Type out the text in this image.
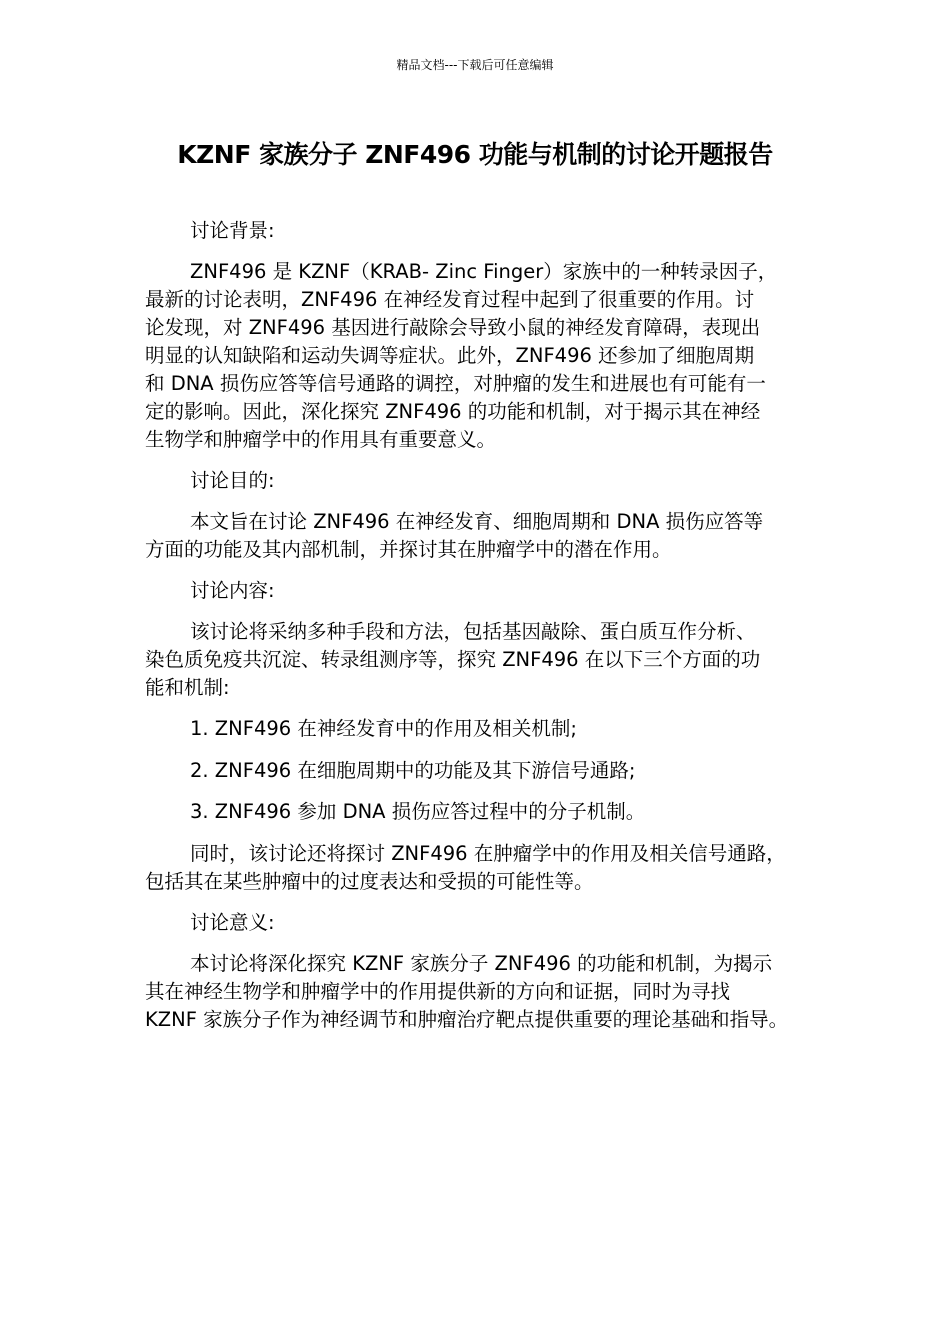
精品文档---下载后可任意编辑
KZNF 家族分子 ZNF496 功能与机制的讨论开题报告

讨论背景:

ZNF496 是 KZNF（KRAB- Zinc Finger）家族中的一种转录因子，
最新的讨论表明，ZNF496 在神经发育过程中起到了很重要的作用。讨
论发现，对 ZNF496 基因进行敲除会导致小鼠的神经发育障碍，表现出
明显的认知缺陷和运动失调等症状。此外，ZNF496 还参加了细胞周期
和 DNA 损伤应答等信号通路的调控，对肿瘤的发生和进展也有可能有一
定的影响。因此，深化探究 ZNF496 的功能和机制，对于揭示其在神经
生物学和肿瘤学中的作用具有重要意义。

讨论目的:

本文旨在讨论 ZNF496 在神经发育、细胞周期和 DNA 损伤应答等
方面的功能及其内部机制，并探讨其在肿瘤学中的潜在作用。

讨论内容:

该讨论将采纳多种手段和方法，包括基因敲除、蛋白质互作分析、
染色质免疫共沉淀、转录组测序等，探究 ZNF496 在以下三个方面的功
能和机制:

1. ZNF496 在神经发育中的作用及相关机制;

2. ZNF496 在细胞周期中的功能及其下游信号通路;

3. ZNF496 参加 DNA 损伤应答过程中的分子机制。

同时，该讨论还将探讨 ZNF496 在肿瘤学中的作用及相关信号通路，
包括其在某些肿瘤中的过度表达和受损的可能性等。

讨论意义:

本讨论将深化探究 KZNF 家族分子 ZNF496 的功能和机制，为揭示
其在神经生物学和肿瘤学中的作用提供新的方向和证据，同时为寻找
KZNF 家族分子作为神经调节和肿瘤治疗靶点提供重要的理论基础和指导。
